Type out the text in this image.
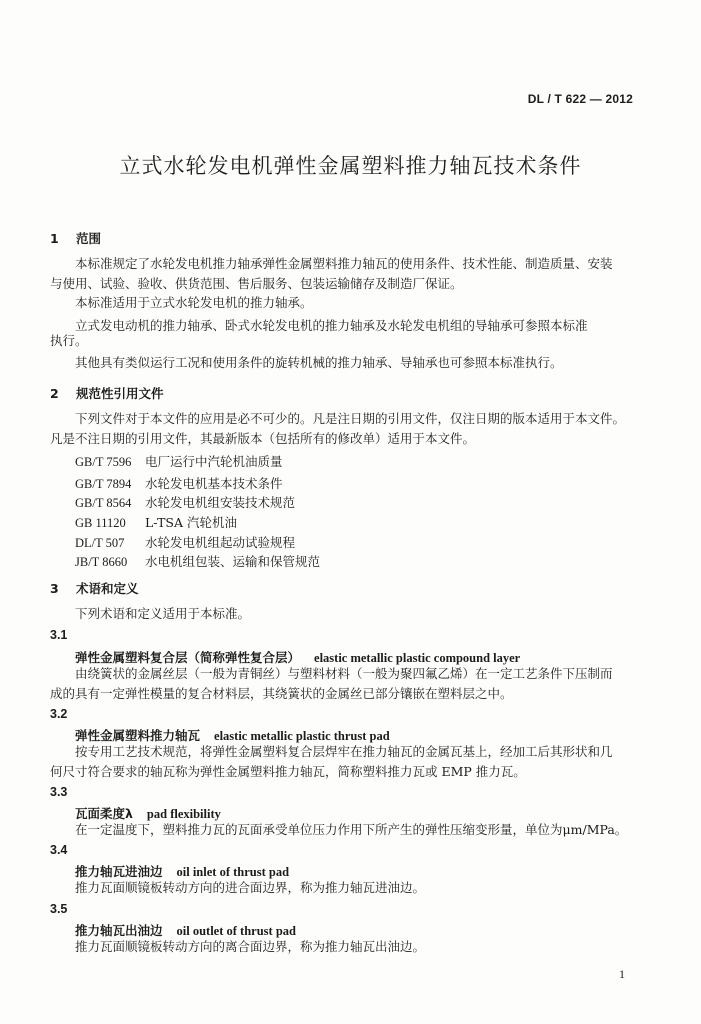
DL / T 622 — 2012
立式水轮发电机弹性金属塑料推力轴瓦技术条件
1 范围
本标准规定了水轮发电机推力轴承弹性金属塑料推力轴瓦的使用条件、技术性能、制造质量、安装
与使用、试验、验收、供货范围、售后服务、包装运输储存及制造厂保证。
本标准适用于立式水轮发电机的推力轴承。
立式发电动机的推力轴承、卧式水轮发电机的推力轴承及水轮发电机组的导轴承可参照本标准
执行。
其他具有类似运行工况和使用条件的旋转机械的推力轴承、导轴承也可参照本标准执行。
2 规范性引用文件
下列文件对于本文件的应用是必不可少的。凡是注日期的引用文件，仅注日期的版本适用于本文件。
凡是不注日期的引用文件，其最新版本（包括所有的修改单）适用于本文件。
GB/T 7596 电厂运行中汽轮机油质量
GB/T 7894 水轮发电机基本技术条件
GB/T 8564 水轮发电机组安装技术规范
GB 11120 L-TSA 汽轮机油
DL/T 507 水轮发电机组起动试验规程
JB/T 8660 水电机组包装、运输和保管规范
3 术语和定义
下列术语和定义适用于本标准。
3.1
弹性金属塑料复合层（简称弹性复合层） elastic metallic plastic compound layer
由绕簧状的金属丝层（一般为青铜丝）与塑料材料（一般为聚四氟乙烯）在一定工艺条件下压制而
成的具有一定弹性模量的复合材料层，其绕簧状的金属丝已部分镶嵌在塑料层之中。
3.2
弹性金属塑料推力轴瓦 elastic metallic plastic thrust pad
按专用工艺技术规范，将弹性金属塑料复合层焊牢在推力轴瓦的金属瓦基上，经加工后其形状和几
何尺寸符合要求的轴瓦称为弹性金属塑料推力轴瓦，简称塑料推力瓦或 EMP 推力瓦。
3.3
瓦面柔度λ pad flexibility
在一定温度下，塑料推力瓦的瓦面承受单位压力作用下所产生的弹性压缩变形量，单位为μm/MPa。
3.4
推力轴瓦进油边 oil inlet of thrust pad
推力瓦面顺镜板转动方向的进合面边界，称为推力轴瓦进油边。
3.5
推力轴瓦出油边 oil outlet of thrust pad
推力瓦面顺镜板转动方向的离合面边界，称为推力轴瓦出油边。
1
